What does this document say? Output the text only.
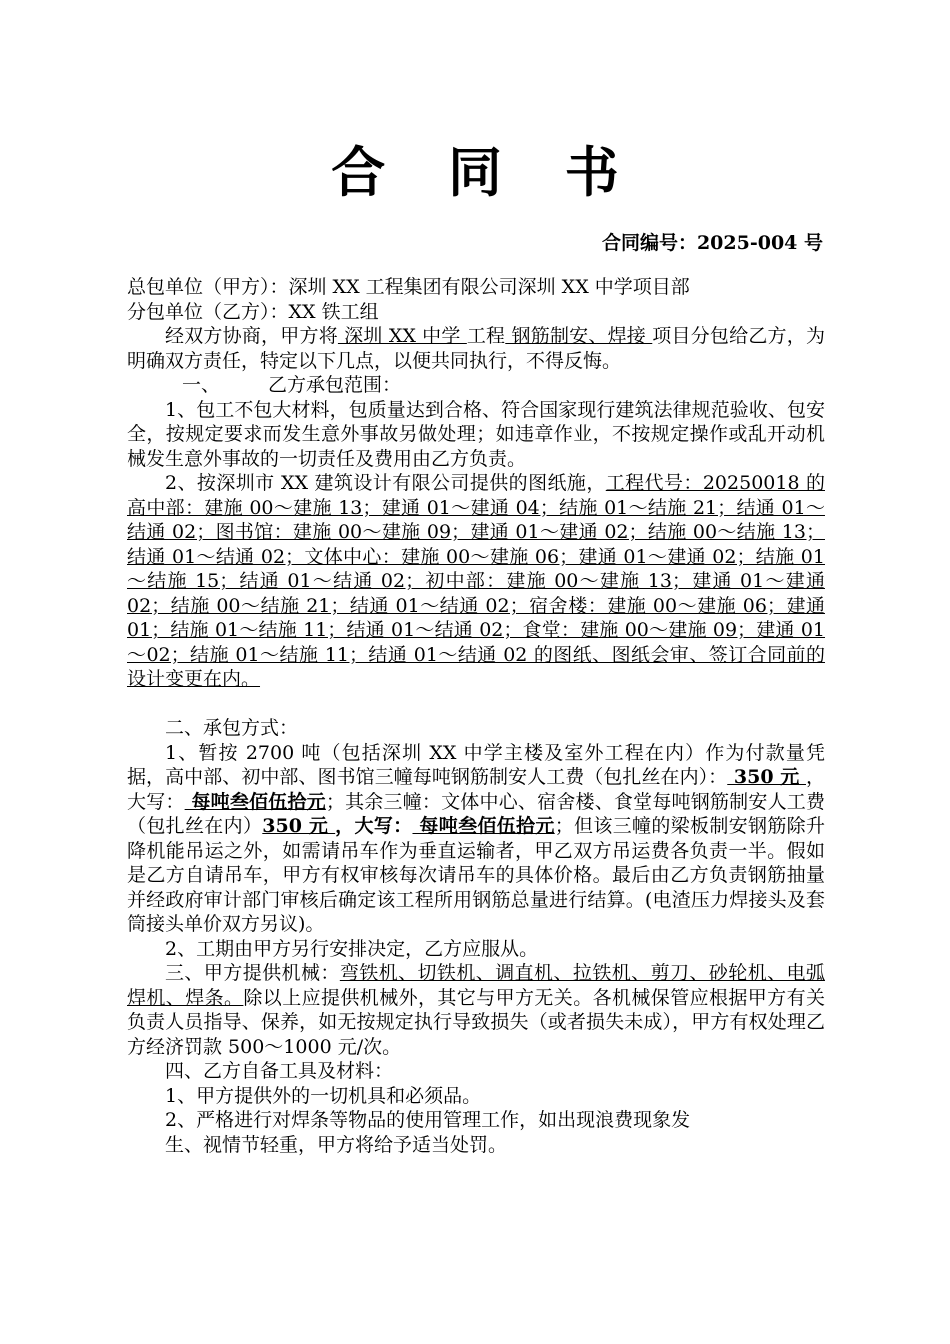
合 同 书
合同编号：2025-004 号

总包单位（甲方）：深圳 XX 工程集团有限公司深圳 XX 中学项目部

分包单位（乙方）：XX 铁工组

经双方协商，甲方将 深圳 XX 中学 工程 钢筋制安、焊接 项目分包给乙方，为明确双方责任，特定以下几点，以便共同执行，不得反悔。

一、	乙方承包范围：

1、包工不包大材料，包质量达到合格、符合国家现行建筑法律规范验收、包安全，按规定要求而发生意外事故另做处理；如违章作业，不按规定操作或乱开动机械发生意外事故的一切责任及费用由乙方负责。

2、按深圳市 XX 建筑设计有限公司提供的图纸施，工程代号：20250018 的高中部：建施 00～建施 13；建通 01～建通 04；结施 01～结施 21；结通 01～结通 02；图书馆：建施 00～建施 09；建通 01～建通 02；结施 00～结施 13；结通 01～结通 02；文体中心：建施 00～建施 06；建通 01～建通 02；结施 01～结施 15；结通 01～结通 02；初中部：建施 00～建施 13；建通 01～建通 02；结施 00～结施 21；结通 01～结通 02；宿舍楼：建施 00～建施 06；建通 01；结施 01～结施 11；结通 01～结通 02；食堂：建施 00～建施 09；建通 01～02；结施 01～结施 11；结通 01～结通 02 的图纸、图纸会审、签订合同前的设计变更在内。

二、承包方式：

1、暂按 2700 吨（包括深圳 XX 中学主楼及室外工程在内）作为付款量凭据，高中部、初中部、图书馆三幢每吨钢筋制安人工费（包扎丝在内）： 350 元 ，大写： 每吨叁佰伍拾元；其余三幢：文体中心、宿舍楼、食堂每吨钢筋制安人工费（包扎丝在内）350 元 ，大写： 每吨叁佰伍拾元；但该三幢的梁板制安钢筋除升降机能吊运之外，如需请吊车作为垂直运输者，甲乙双方吊运费各负责一半。假如是乙方自请吊车，甲方有权审核每次请吊车的具体价格。最后由乙方负责钢筋抽量并经政府审计部门审核后确定该工程所用钢筋总量进行结算。(电渣压力焊接头及套筒接头单价双方另议)。

2、工期由甲方另行安排决定，乙方应服从。

三、甲方提供机械：弯铁机、切铁机、调直机、拉铁机、剪刀、砂轮机、电弧焊机、焊条。除以上应提供机械外，其它与甲方无关。各机械保管应根据甲方有关负责人员指导、保养，如无按规定执行导致损失（或者损失未成），甲方有权处理乙方经济罚款 500～1000 元/次。

四、乙方自备工具及材料：

1、甲方提供外的一切机具和必须品。

2、严格进行对焊条等物品的使用管理工作，如出现浪费现象发

生、视情节轻重，甲方将给予适当处罚。
